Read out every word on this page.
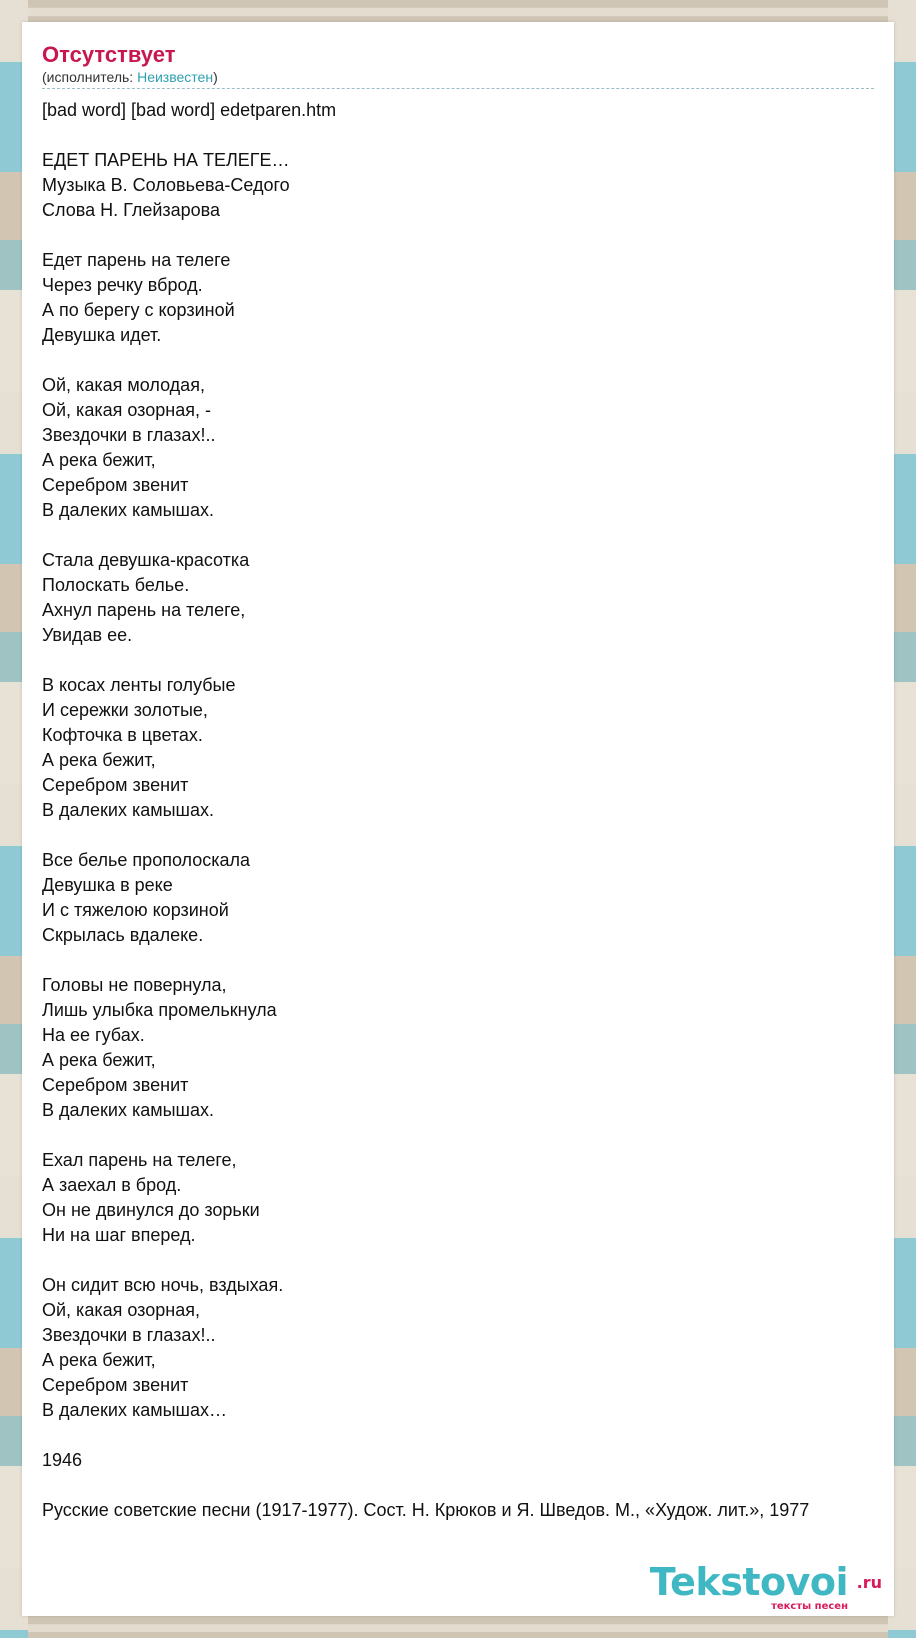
Отсутствует
(исполнитель: Неизвестен)
[bad word] [bad word] edetparen.htm

ЕДЕТ ПАРЕНЬ НА ТЕЛЕГЕ…
Музыка В. Соловьева-Седого
Слова Н. Глейзарова

Едет парень на телеге
Через речку вброд.
А по берегу с корзиной
Девушка идет.

Ой, какая молодая,
Ой, какая озорная, -
Звездочки в глазах!..
А река бежит,
Серебром звенит
В далеких камышах.

Стала девушка-красотка
Полоскать белье.
Ахнул парень на телеге,
Увидав ее.

В косах ленты голубые
И сережки золотые,
Кофточка в цветах.
А река бежит,
Серебром звенит
В далеких камышах.

Все белье прополоскала
Девушка в реке
И с тяжелою корзиной
Скрылась вдалеке.

Головы не повернула,
Лишь улыбка промелькнула
На ее губах.
А река бежит,
Серебром звенит
В далеких камышах.

Ехал парень на телеге,
А заехал в брод.
Он не двинулся до зорьки
Ни на шаг вперед.

Он сидит всю ночь, вздыхая.
Ой, какая озорная,
Звездочки в глазах!..
А река бежит,
Серебром звенит
В далеких камышах…

1946

Русские советские песни (1917-1977). Сост. Н. Крюков и Я. Шведов. М., «Худож. лит.», 1977
Tekstovoi .ru
тексты песен
